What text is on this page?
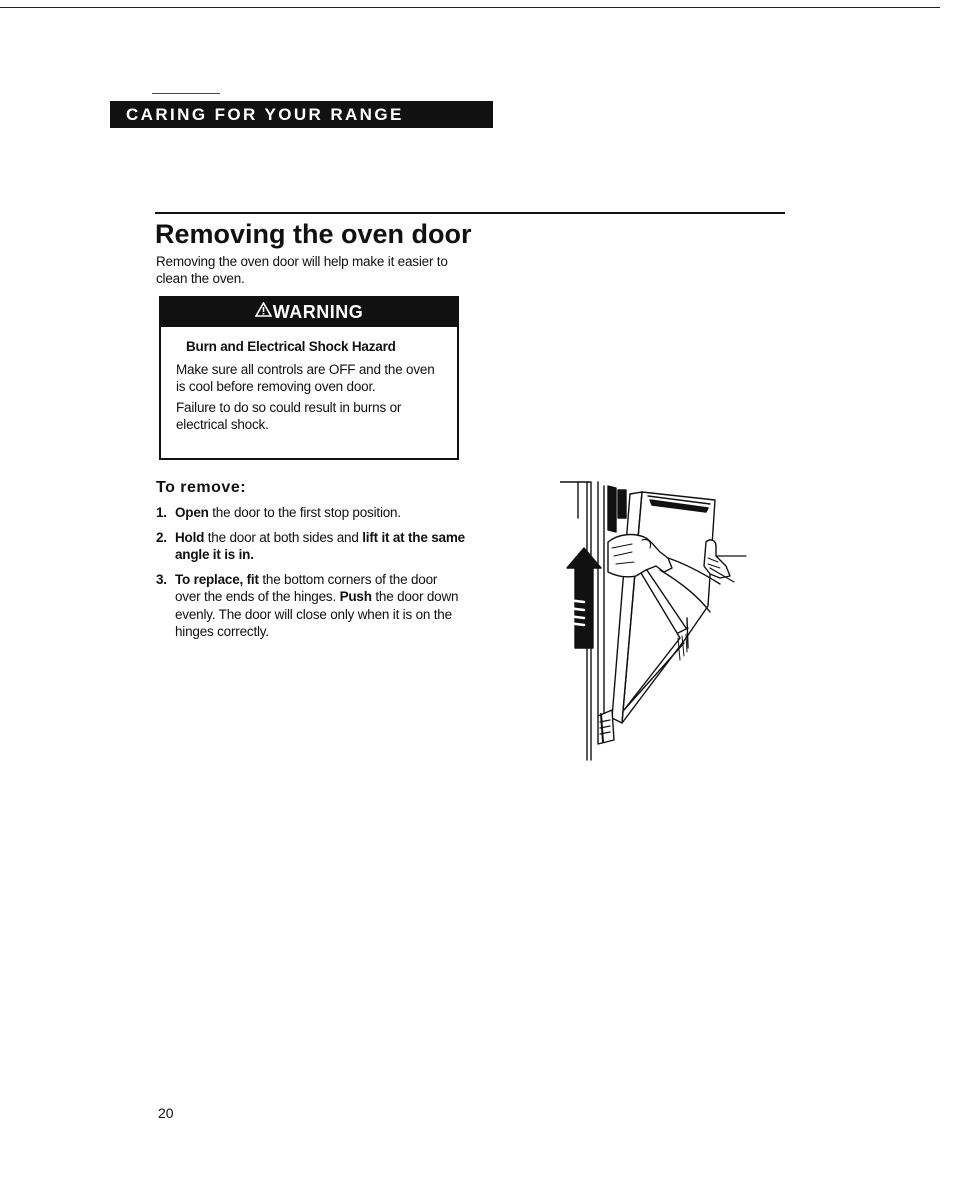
CARING FOR YOUR RANGE
Removing the oven door

Removing the oven door will help make it easier to clean the oven.

WARNING
Burn and Electrical Shock Hazard
Make sure all controls are OFF and the oven is cool before removing oven door.
Failure to do so could result in burns or electrical shock.
To remove:
1. Open the door to the first stop position.
2. Hold the door at both sides and lift it at the same angle it is in.
3. To replace, fit the bottom corners of the door over the ends of the hinges. Push the door down evenly. The door will close only when it is on the hinges correctly.
20
